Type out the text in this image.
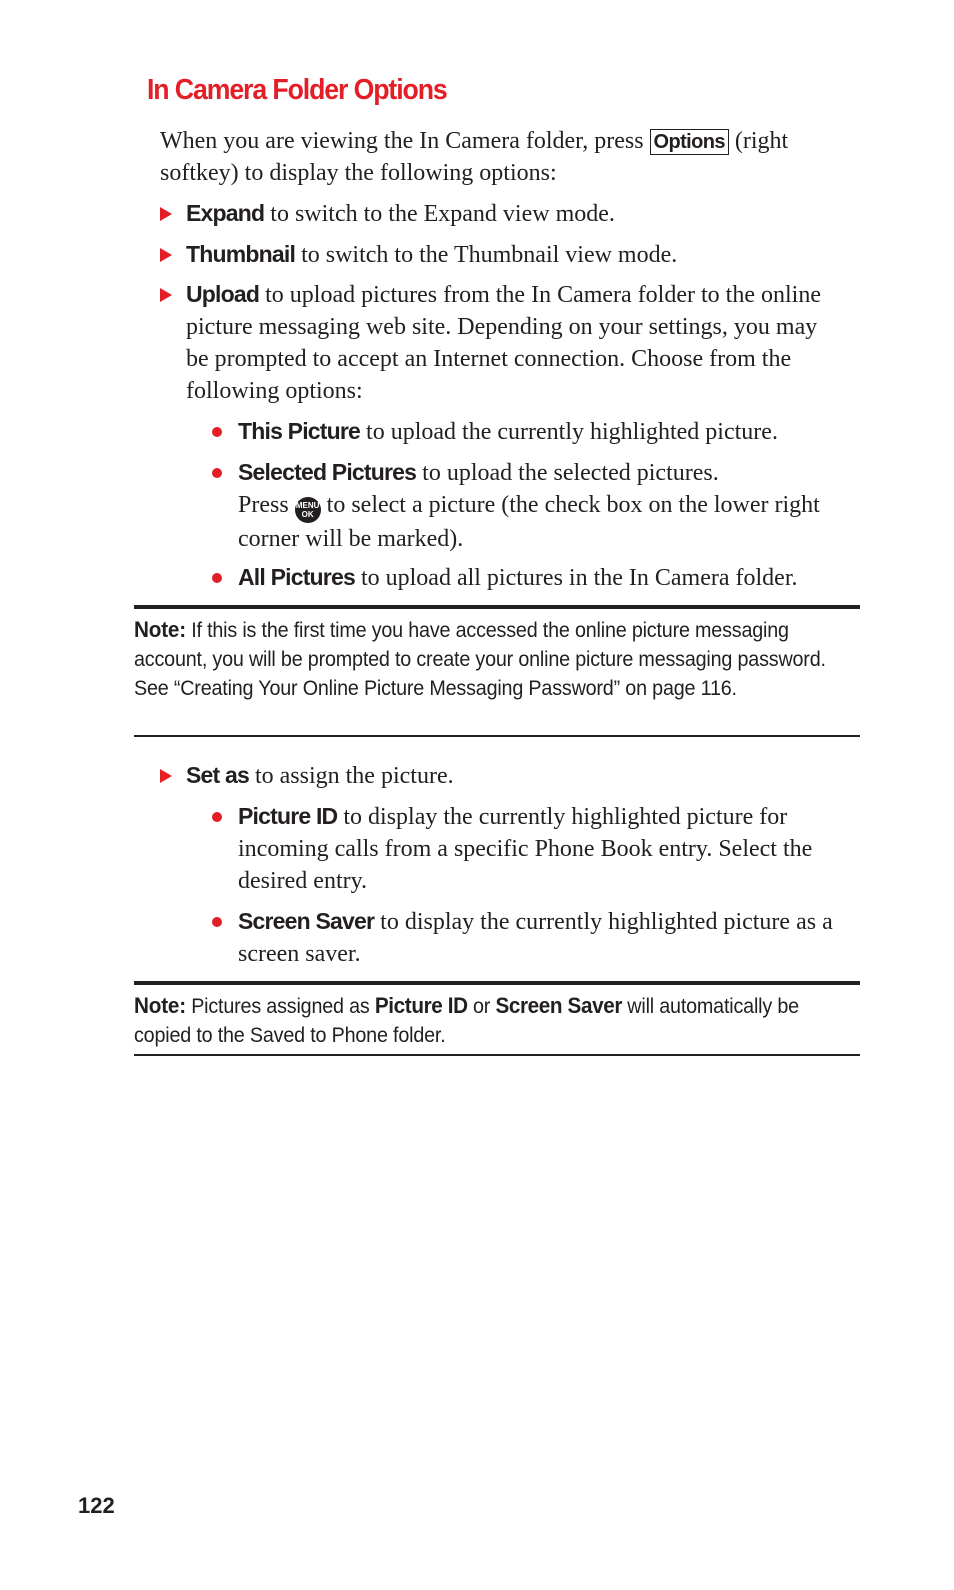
In Camera Folder Options

When you are viewing the In Camera folder, press Options (right softkey) to display the following options:

Expand to switch to the Expand view mode.
Thumbnail to switch to the Thumbnail view mode.
Upload to upload pictures from the In Camera folder to the online picture messaging web site. Depending on your settings, you may be prompted to accept an Internet connection. Choose from the following options:
This Picture to upload the currently highlighted picture.
Selected Pictures to upload the selected pictures.
Press MENU
OK to select a picture (the check box on the lower right corner will be marked).
All Pictures to upload all pictures in the In Camera folder.

Note: If this is the first time you have accessed the online picture messaging account, you will be prompted to create your online picture messaging password. See “Creating Your Online Picture Messaging Password” on page 116.

Set as to assign the picture.
Picture ID to display the currently highlighted picture for incoming calls from a specific Phone Book entry. Select the desired entry.
Screen Saver to display the currently highlighted picture as a screen saver.

Note: Pictures assigned as Picture ID or Screen Saver will automatically be copied to the Saved to Phone folder.

122
